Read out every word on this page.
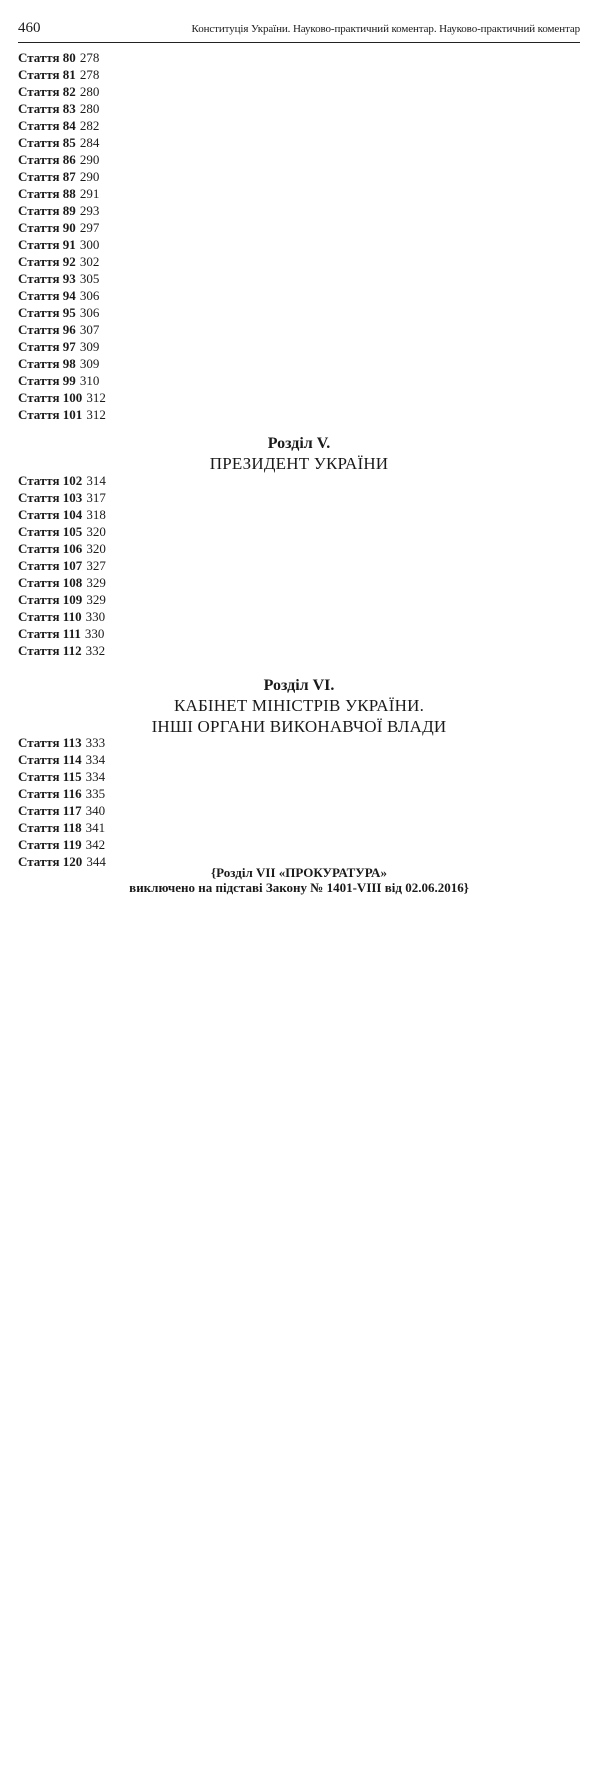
460	Конституція України. Науково-практичний коментар. Науково-практичний коментар
Стаття 80 278
Стаття 81 278
Стаття 82 280
Стаття 83 280
Стаття 84 282
Стаття 85 284
Стаття 86 290
Стаття 87 290
Стаття 88 291
Стаття 89 293
Стаття 90 297
Стаття 91 300
Стаття 92 302
Стаття 93 305
Стаття 94 306
Стаття 95 306
Стаття 96 307
Стаття 97 309
Стаття 98 309
Стаття 99 310
Стаття 100 312
Стаття 101 312
Розділ V.
ПРЕЗИДЕНТ УКРАЇНИ
Стаття 102 314
Стаття 103 317
Стаття 104 318
Стаття 105 320
Стаття 106 320
Стаття 107 327
Стаття 108 329
Стаття 109 329
Стаття 110 330
Стаття 111 330
Стаття 112 332
Розділ VI.
КАБІНЕТ МІНІСТРІВ УКРАЇНИ.
ІНШІ ОРГАНИ ВИКОНАВЧОЇ ВЛАДИ
Стаття 113 333
Стаття 114 334
Стаття 115 334
Стаття 116 335
Стаття 117 340
Стаття 118 341
Стаття 119 342
Стаття 120 344
{Розділ VII «ПРОКУРАТУРА»
виключено на підставі Закону № 1401-VIII від 02.06.2016}
